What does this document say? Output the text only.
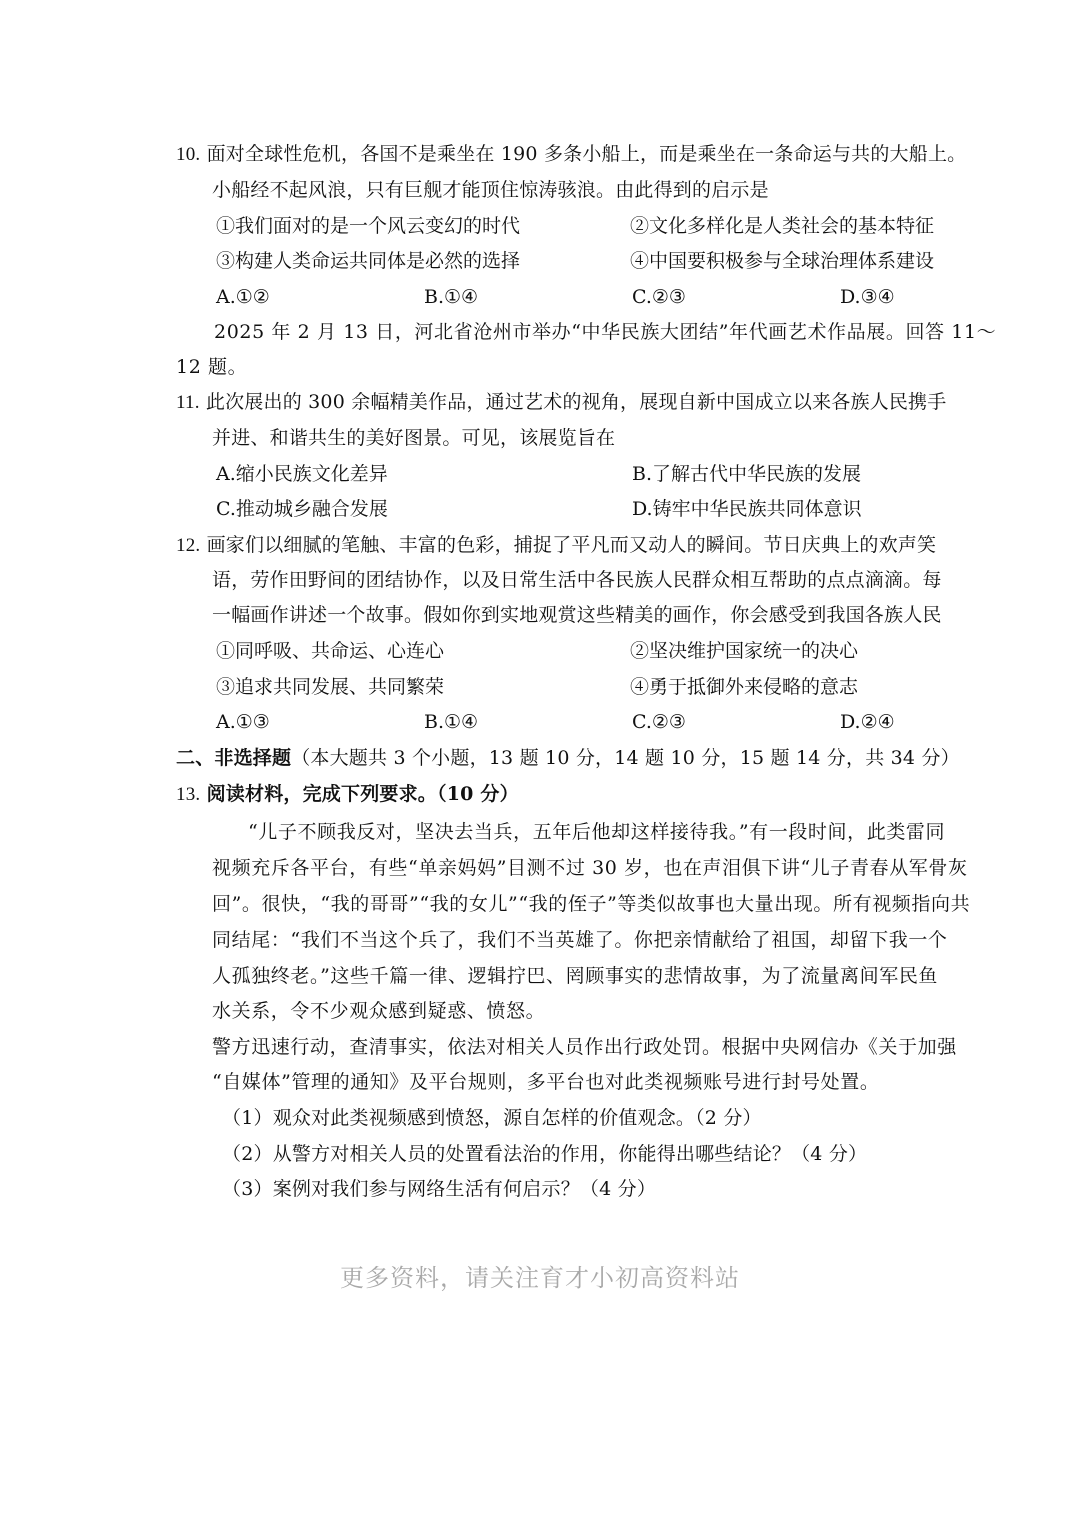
10. 面对全球性危机，各国不是乘坐在 190 多条小船上，而是乘坐在一条命运与共的大船上。
小船经不起风浪，只有巨舰才能顶住惊涛骇浪。由此得到的启示是
①我们面对的是一个风云变幻的时代	②文化多样化是人类社会的基本特征
③构建人类命运共同体是必然的选择	④中国要积极参与全球治理体系建设
A.①②	B.①④	C.②③	D.③④
2025 年 2 月 13 日，河北省沧州市举办“中华民族大团结”年代画艺术作品展。回答 11～
12 题。
11. 此次展出的 300 余幅精美作品，通过艺术的视角，展现自新中国成立以来各族人民携手
并进、和谐共生的美好图景。可见，该展览旨在
A.缩小民族文化差异	B.了解古代中华民族的发展
C.推动城乡融合发展	D.铸牢中华民族共同体意识
12. 画家们以细腻的笔触、丰富的色彩，捕捉了平凡而又动人的瞬间。节日庆典上的欢声笑
语，劳作田野间的团结协作，以及日常生活中各民族人民群众相互帮助的点点滴滴。每
一幅画作讲述一个故事。假如你到实地观赏这些精美的画作，你会感受到我国各族人民
①同呼吸、共命运、心连心	②坚决维护国家统一的决心
③追求共同发展、共同繁荣	④勇于抵御外来侵略的意志
A.①③	B.①④	C.②③	D.②④
二、非选择题（本大题共 3 个小题，13 题 10 分，14 题 10 分，15 题 14 分，共 34 分）
13. 阅读材料，完成下列要求。（10 分）
“儿子不顾我反对，坚决去当兵，五年后他却这样接待我。”有一段时间，此类雷同
视频充斥各平台，有些“单亲妈妈”目测不过 30 岁，也在声泪俱下讲“儿子青春从军骨灰
回”。很快，“我的哥哥”“我的女儿”“我的侄子”等类似故事也大量出现。所有视频指向共
同结尾：“我们不当这个兵了，我们不当英雄了。你把亲情献给了祖国，却留下我一个
人孤独终老。”这些千篇一律、逻辑拧巴、罔顾事实的悲情故事，为了流量离间军民鱼
水关系，令不少观众感到疑惑、愤怒。
警方迅速行动，查清事实，依法对相关人员作出行政处罚。根据中央网信办《关于加强
“自媒体”管理的通知》及平台规则，多平台也对此类视频账号进行封号处置。
（1）观众对此类视频感到愤怒，源自怎样的价值观念。（2 分）
（2）从警方对相关人员的处置看法治的作用，你能得出哪些结论？（4 分）
（3）案例对我们参与网络生活有何启示？（4 分）
更多资料，请关注育才小初高资料站
